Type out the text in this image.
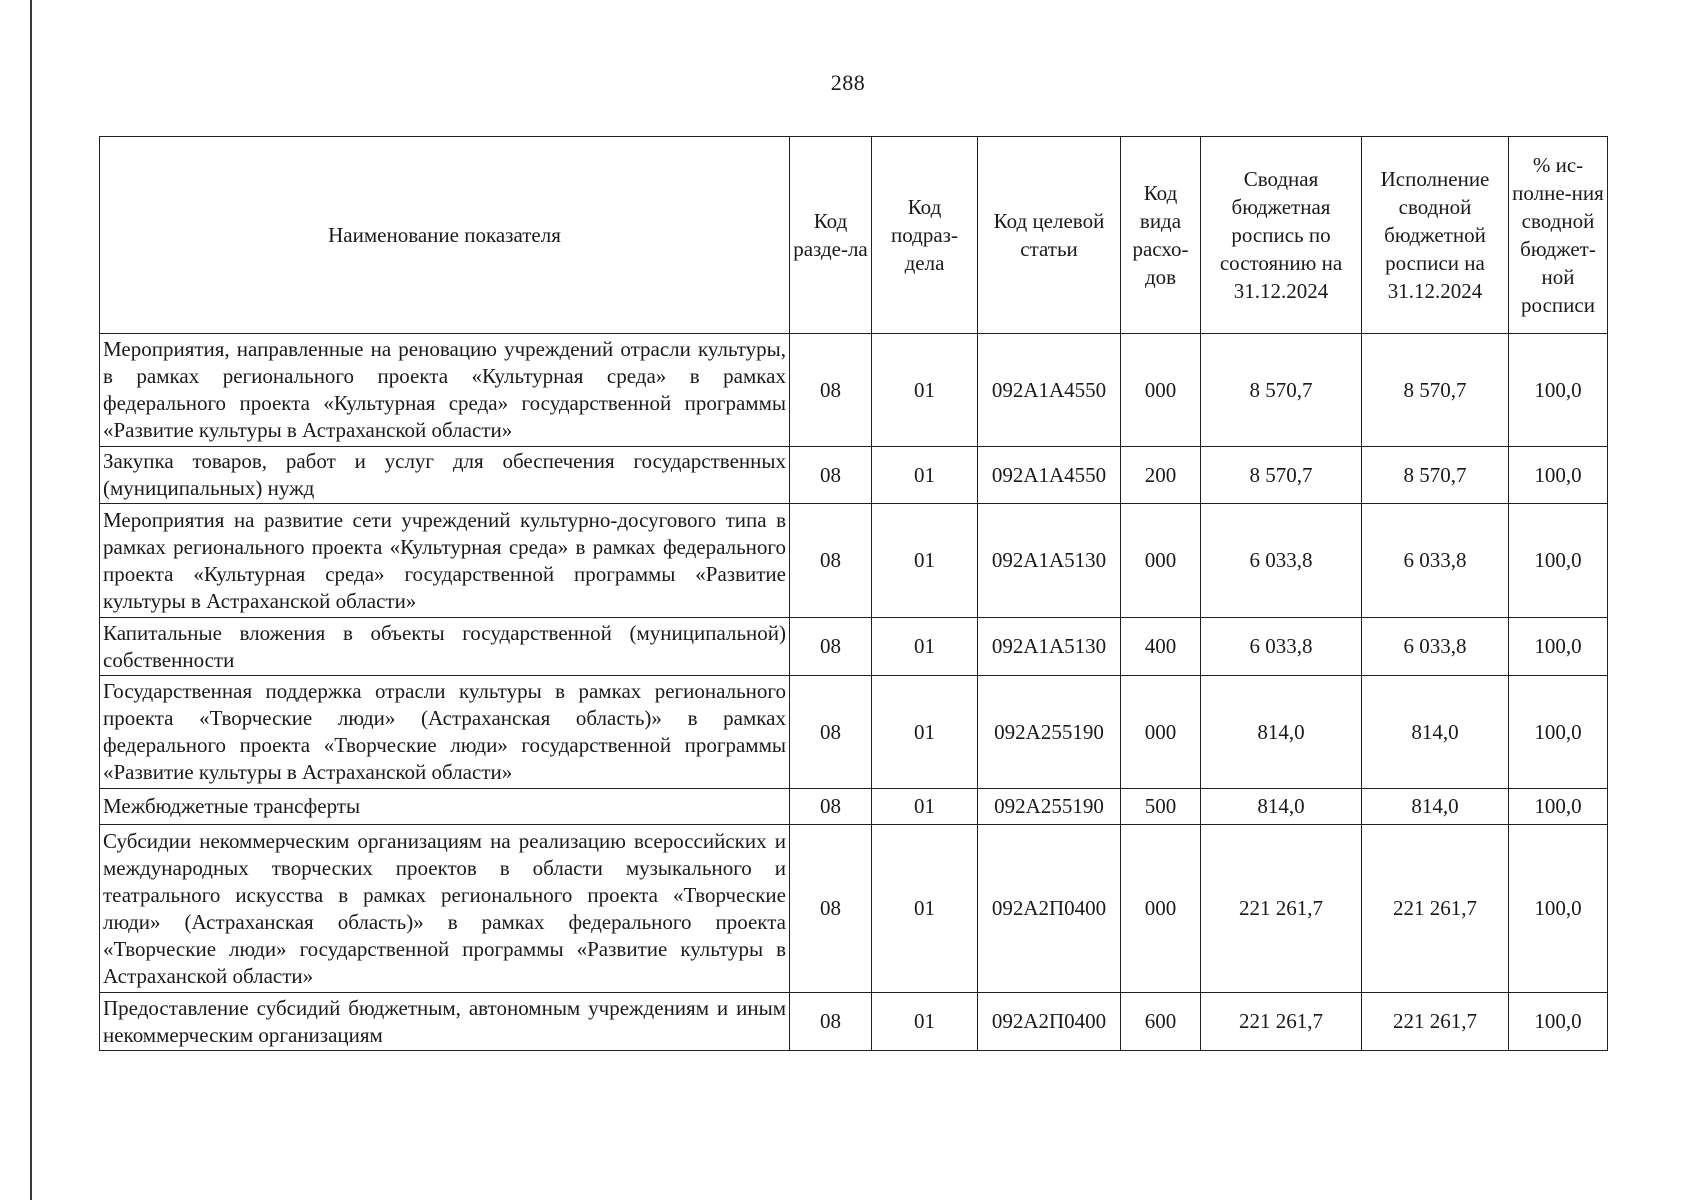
288
Наименование показателя	Код разде-ла	Код подраз-дела	Код целевой статьи	Код вида расхо-дов	Сводная бюджетная роспись по состоянию на 31.12.2024	Исполнение сводной бюджетной росписи на 31.12.2024	% ис-полне-ния сводной бюджет-ной росписи
Мероприятия, направленные на реновацию учреждений отрасли культуры, в рамках регионального проекта «Культурная среда» в рамках федерального проекта «Культурная среда» государственной программы «Развитие культуры в Астраханской области»	08	01	092A1A4550	000	8 570,7	8 570,7	100,0
Закупка товаров, работ и услуг для обеспечения государственных (муниципальных) нужд	08	01	092A1A4550	200	8 570,7	8 570,7	100,0
Мероприятия на развитие сети учреждений культурно-досугового типа в рамках регионального проекта «Культурная среда» в рамках федерального проекта «Культурная среда» государственной программы «Развитие культуры в Астраханской области»	08	01	092A1A5130	000	6 033,8	6 033,8	100,0
Капитальные вложения в объекты государственной (муниципальной) собственности	08	01	092A1A5130	400	6 033,8	6 033,8	100,0
Государственная поддержка отрасли культуры в рамках регионального проекта «Творческие люди» (Астраханская область)» в рамках федерального проекта «Творческие люди» государственной программы «Развитие культуры в Астраханской области»	08	01	092A255190	000	814,0	814,0	100,0
Межбюджетные трансферты	08	01	092A255190	500	814,0	814,0	100,0
Субсидии некоммерческим организациям на реализацию всероссийских и международных творческих проектов в области музыкального и театрального искусства в рамках регионального проекта «Творческие люди» (Астраханская область)» в рамках федерального проекта «Творческие люди» государственной программы «Развитие культуры в Астраханской области»	08	01	092A2П0400	000	221 261,7	221 261,7	100,0
Предоставление субсидий бюджетным, автономным учреждениям и иным некоммерческим организациям	08	01	092A2П0400	600	221 261,7	221 261,7	100,0
